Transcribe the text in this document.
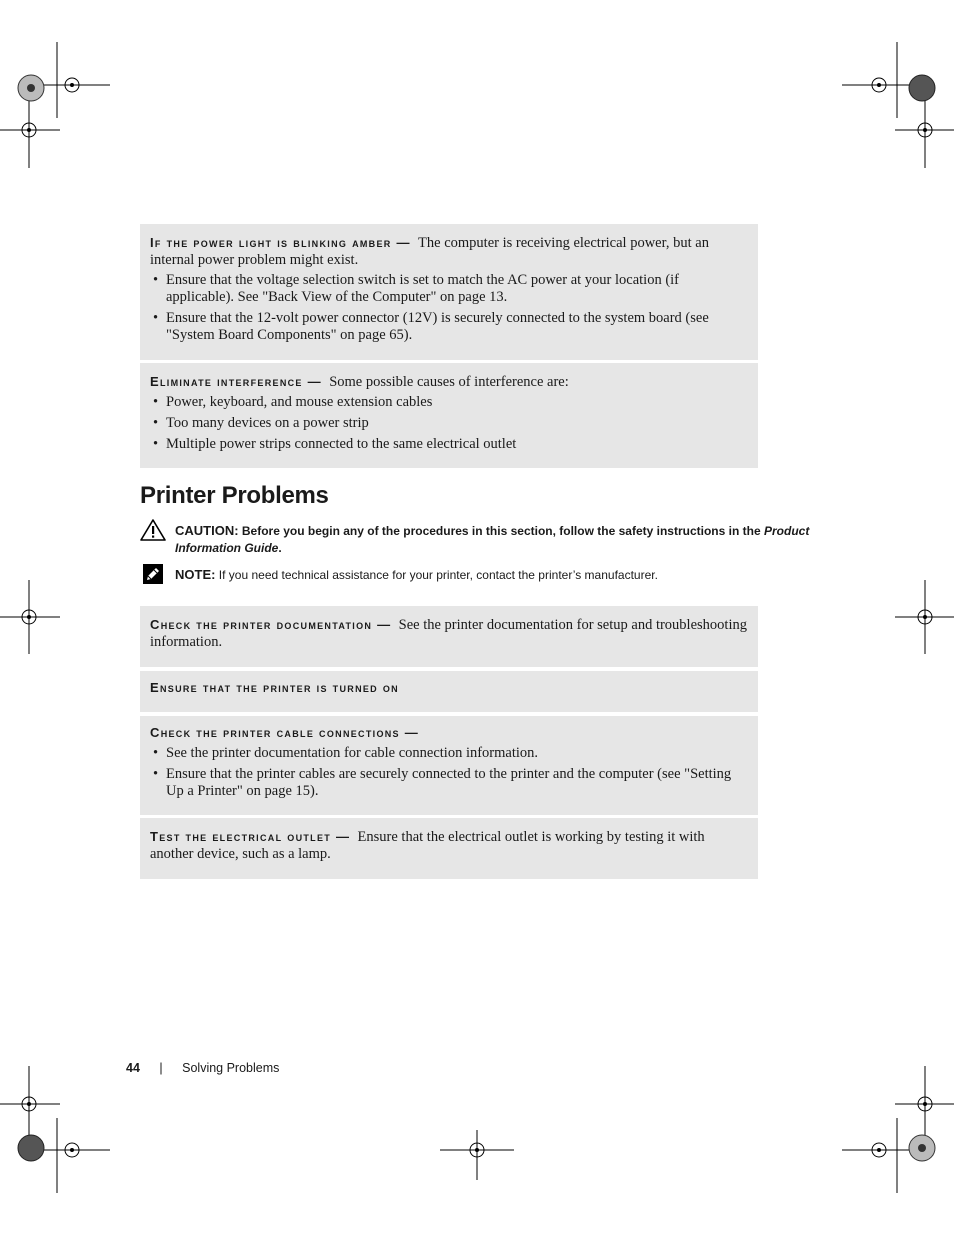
If the power light is blinking amber — The computer is receiving electrical power, but an internal power problem might exist.

• Ensure that the voltage selection switch is set to match the AC power at your location (if applicable). See "Back View of the Computer" on page 13.
• Ensure that the 12-volt power connector (12V) is securely connected to the system board (see "System Board Components" on page 65).

Eliminate interference — Some possible causes of interference are:

• Power, keyboard, and mouse extension cables
• Too many devices on a power strip
• Multiple power strips connected to the same electrical outlet
Printer Problems
CAUTION: Before you begin any of the procedures in this section, follow the safety instructions in the Product Information Guide.
NOTE: If you need technical assistance for your printer, contact the printer’s manufacturer.

Check the printer documentation — See the printer documentation for setup and troubleshooting information.

Ensure that the printer is turned on

Check the printer cable connections —

• See the printer documentation for cable connection information.
• Ensure that the printer cables are securely connected to the printer and the computer (see "Setting Up a Printer" on page 15).

Test the electrical outlet — Ensure that the electrical outlet is working by testing it with another device, such as a lamp.

44 | Solving Problems
